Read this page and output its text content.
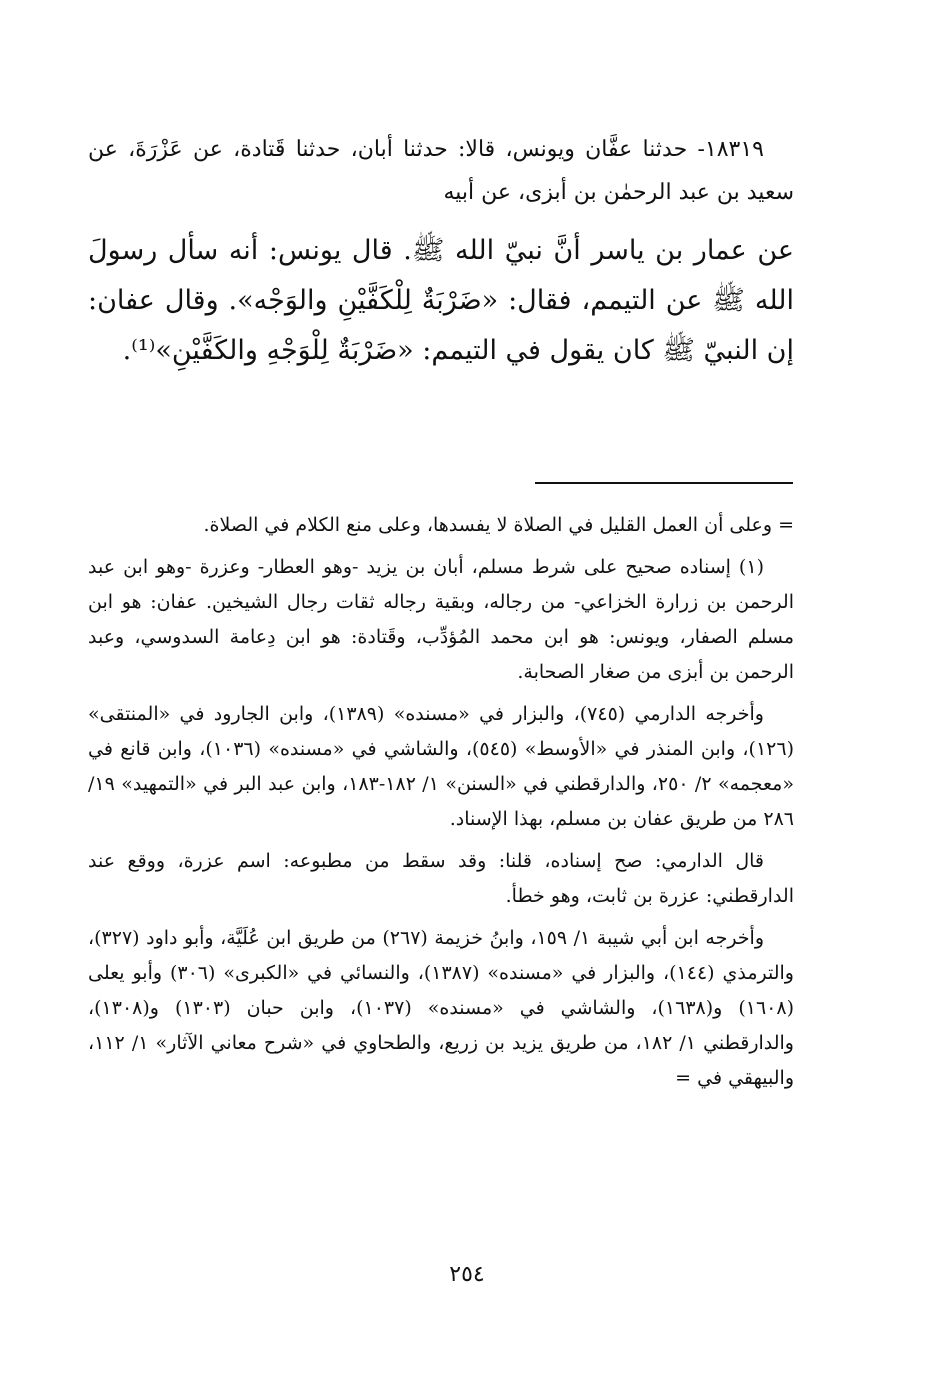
١٨٣١٩- حدثنا عفَّان ويونس، قالا: حدثنا أبان، حدثنا قَتادة، عن عَزْرَةَ، عن سعيد بن عبد الرحمٰن بن أبزى، عن أبيه

عن عمار بن ياسر أنَّ نبيّ الله ﷺ. قال يونس: أنه سأل رسولَ الله ﷺ عن التيمم، فقال: «ضَرْبَةٌ لِلْكَفَّيْنِ والوَجْه». وقال عفان: إن النبيّ ﷺ كان يقول في التيمم: «ضَرْبَةٌ لِلْوَجْهِ والكَفَّيْنِ»⁽¹⁾.

= وعلى أن العمل القليل في الصلاة لا يفسدها، وعلى منع الكلام في الصلاة.

(١) إسناده صحيح على شرط مسلم، أبان بن يزيد -وهو العطار- وعزرة -وهو ابن عبد الرحمن بن زرارة الخزاعي- من رجاله، وبقية رجاله ثقات رجال الشيخين. عفان: هو ابن مسلم الصفار، ويونس: هو ابن محمد المُؤدِّب، وقَتادة: هو ابن دِعامة السدوسي، وعبد الرحمن بن أبزى من صغار الصحابة.

وأخرجه الدارمي (٧٤٥)، والبزار في «مسنده» (١٣٨٩)، وابن الجارود في «المنتقى» (١٢٦)، وابن المنذر في «الأوسط» (٥٤٥)، والشاشي في «مسنده» (١٠٣٦)، وابن قانع في «معجمه» ٢/ ٢٥٠، والدارقطني في «السنن» ١/ ١٨٢-١٨٣، وابن عبد البر في «التمهيد» ١٩/ ٢٨٦ من طريق عفان بن مسلم، بهذا الإسناد.

قال الدارمي: صح إسناده، قلنا: وقد سقط من مطبوعه: اسم عزرة، ووقع عند الدارقطني: عزرة بن ثابت، وهو خطأ.

وأخرجه ابن أبي شيبة ١/ ١٥٩، وابنُ خزيمة (٢٦٧) من طريق ابن عُلَيَّة، وأبو داود (٣٢٧)، والترمذي (١٤٤)، والبزار في «مسنده» (١٣٨٧)، والنسائي في «الكبرى» (٣٠٦) وأبو يعلى (١٦٠٨) و(١٦٣٨)، والشاشي في «مسنده» (١٠٣٧)، وابن حبان (١٣٠٣) و(١٣٠٨)، والدارقطني ١/ ١٨٢، من طريق يزيد بن زريع، والطحاوي في «شرح معاني الآثار» ١/ ١١٢، والبيهقي في =

٢٥٤
